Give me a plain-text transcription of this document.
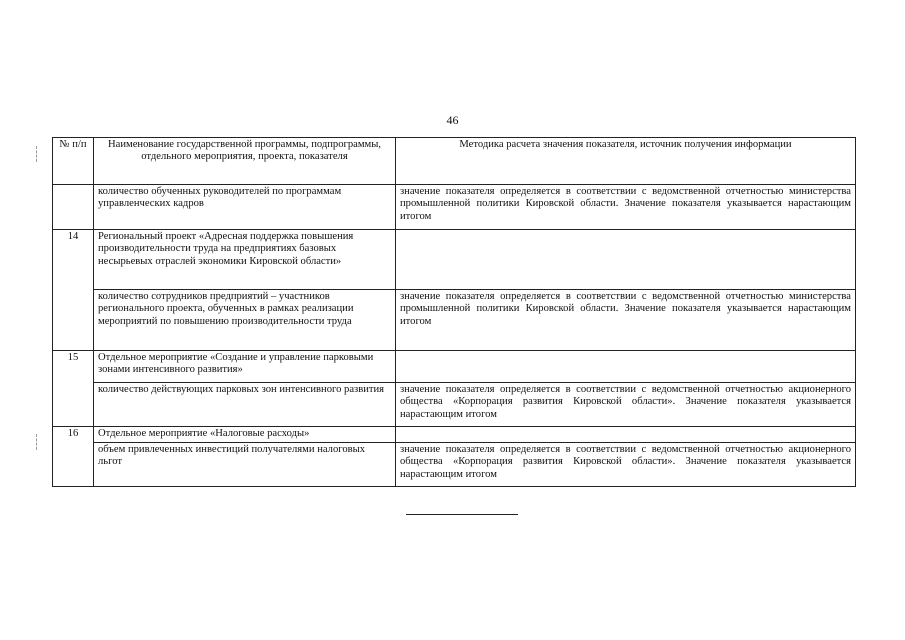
46
№ п/п	Наименование государственной программы, подпрограммы, отдельного мероприятия, проекта, показателя	Методика расчета значения показателя, источник получения информации
	количество обученных руководителей по программам управленческих кадров	значение показателя определяется в соответствии с ведомственной отчетностью министерства промышленной политики Кировской области. Значение показателя указывается нарастающим итогом
14	Региональный проект «Адресная поддержка повышения производительности труда на предприятиях базовых несырьевых отраслей экономики Кировской области»	
	количество сотрудников предприятий – участников регионального проекта, обученных в рамках реализации мероприятий по повышению производительности труда	значение показателя определяется в соответствии с ведомственной отчетностью министерства промышленной политики Кировской области. Значение показателя указывается нарастающим итогом
15	Отдельное мероприятие «Создание и управление парковыми зонами интенсивного развития»	
	количество действующих парковых зон интенсивного развития	значение показателя определяется в соответствии с ведомственной отчетностью акционерного общества «Корпорация развития Кировской области». Значение показателя указывается нарастающим итогом
16	Отдельное мероприятие «Налоговые расходы»	
	объем привлеченных инвестиций получателями налоговых льгот	значение показателя определяется в соответствии с ведомственной отчетностью акционерного общества «Корпорация развития Кировской области». Значение показателя указывается нарастающим итогом
